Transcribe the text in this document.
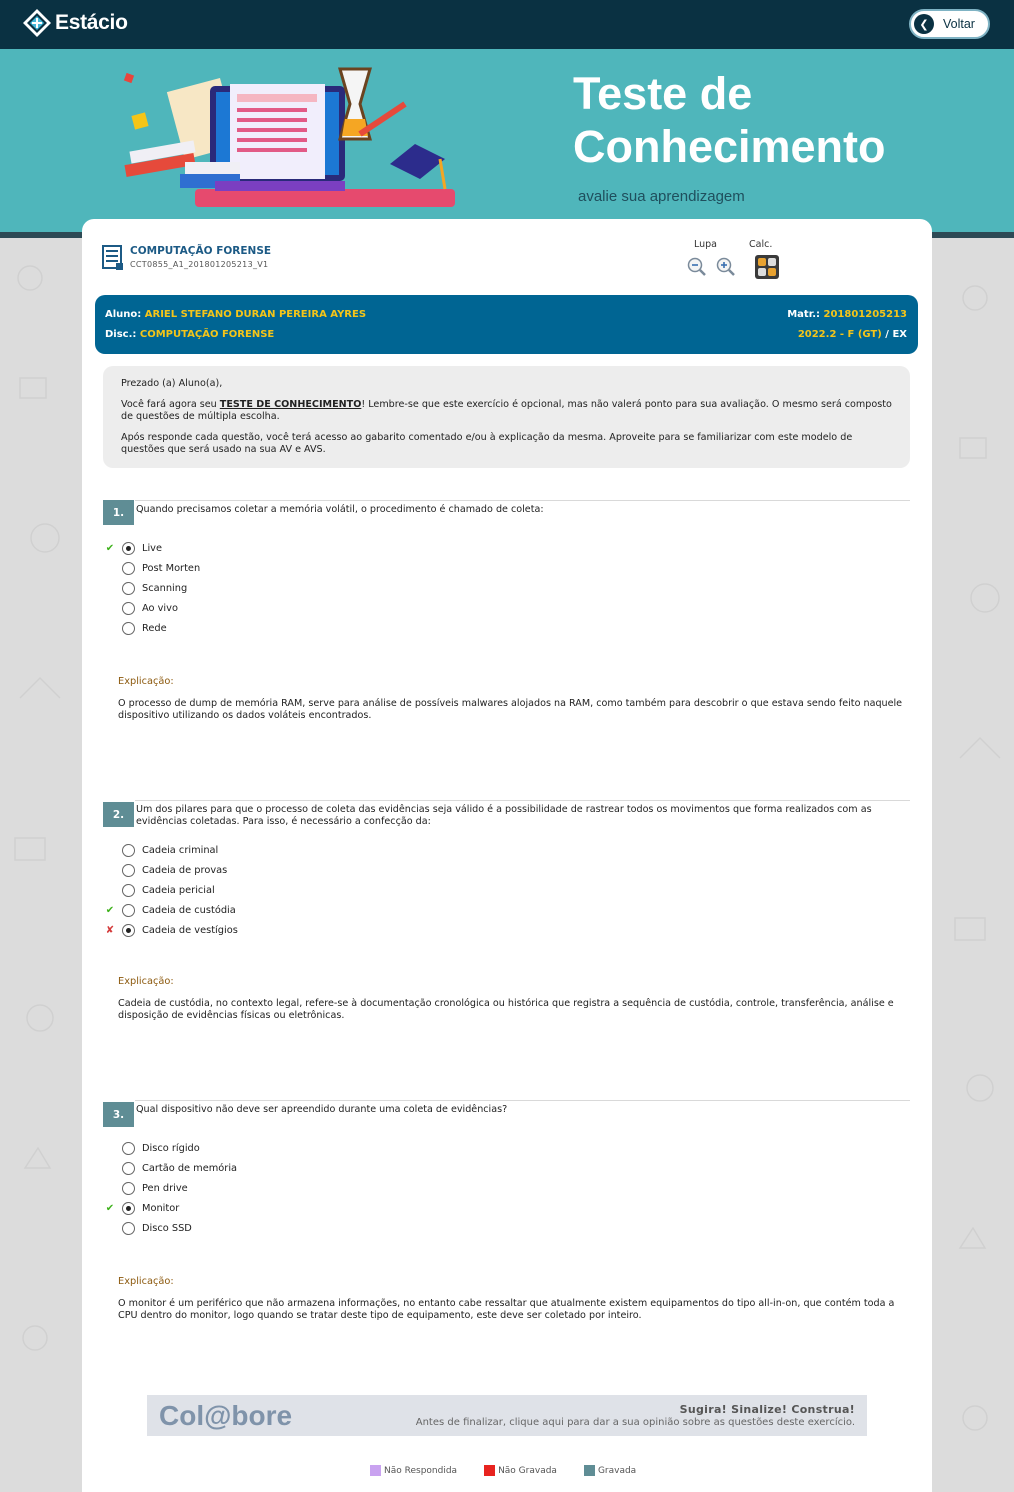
Estácio	❮	Voltar
Teste de
Conhecimento
avalie sua aprendizagem
COMPUTAÇÃO FORENSE
CCT0855_A1_201801205213_V1
Lupa	Calc.
Aluno: ARIEL STEFANO DURAN PEREIRA AYRES
Disc.: COMPUTAÇÃO FORENSE
Matr.: 201801205213
2022.2 - F (GT) / EX

Prezado (a) Aluno(a),

Você fará agora seu TESTE DE CONHECIMENTO! Lembre-se que este exercício é opcional, mas não valerá ponto para sua avaliação. O mesmo será composto de questões de múltipla escolha.

Após responde cada questão, você terá acesso ao gabarito comentado e/ou à explicação da mesma. Aproveite para se familiarizar com este modelo de questões que será usado na sua AV e AVS.

1.	Quando precisamos coletar a memória volátil, o procedimento é chamado de coleta:
✔	Live
Post Morten
Scanning
Ao vivo
Rede
Explicação:
O processo de dump de memória RAM, serve para análise de possíveis malwares alojados na RAM, como também para descobrir o que estava sendo feito naquele dispositivo utilizando os dados voláteis encontrados.
2.	Um dos pilares para que o processo de coleta das evidências seja válido é a possibilidade de rastrear todos os movimentos que forma realizados com as evidências coletadas. Para isso, é necessário a confecção da:
Cadeia criminal
Cadeia de provas
Cadeia pericial
✔	Cadeia de custódia
✘	Cadeia de vestígios
Explicação:
Cadeia de custódia, no contexto legal, refere-se à documentação cronológica ou histórica que registra a sequência de custódia, controle, transferência, análise e disposição de evidências físicas ou eletrônicas.
3.	Qual dispositivo não deve ser apreendido durante uma coleta de evidências?
Disco rígido
Cartão de memória
Pen drive
✔	Monitor
Disco SSD
Explicação:
O monitor é um periférico que não armazena informações, no entanto cabe ressaltar que atualmente existem equipamentos do tipo all-in-on, que contém toda a CPU dentro do monitor, logo quando se tratar deste tipo de equipamento, este deve ser coletado por inteiro.
Col@bore	Sugira! Sinalize! Construa!
Antes de finalizar, clique aqui para dar a sua opinião sobre as questões deste exercício.
Não Respondida	Não Gravada	Gravada
